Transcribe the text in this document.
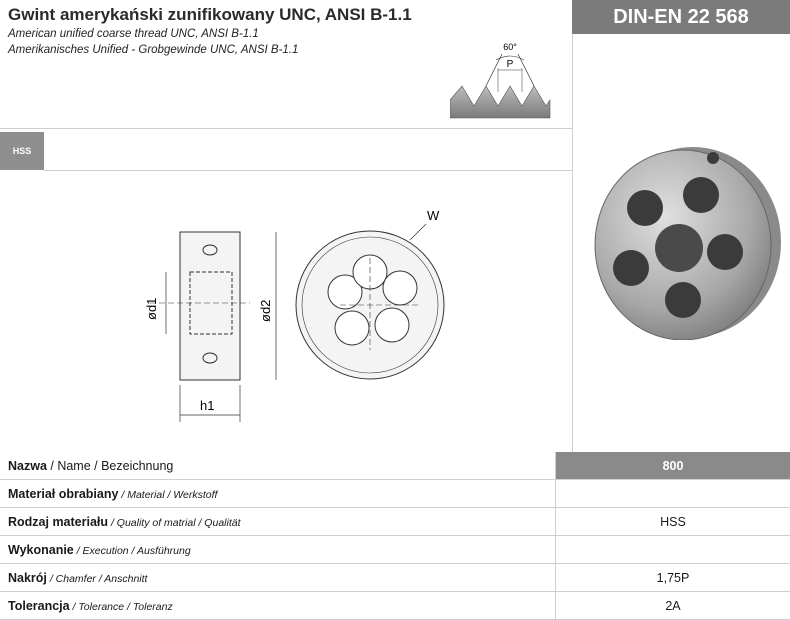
Gwint amerykański zunifikowany UNC, ANSI B-1.1
American unified coarse thread UNC, ANSI B-1.1
Amerikanisches Unified - Grobgewinde UNC, ANSI B-1.1
DIN-EN 22 568
HSS
60°
P
h1
ød1	ød2
W
Nazwa / Name / Bezeichnung	800
Materiał obrabiany / Material / Werkstoff	
Rodzaj materiału / Quality of matrial / Qualität	HSS
Wykonanie / Execution / Ausführung	
Nakrój / Chamfer / Anschnitt	1,75P
Tolerancja / Tolerance / Toleranz	2A
